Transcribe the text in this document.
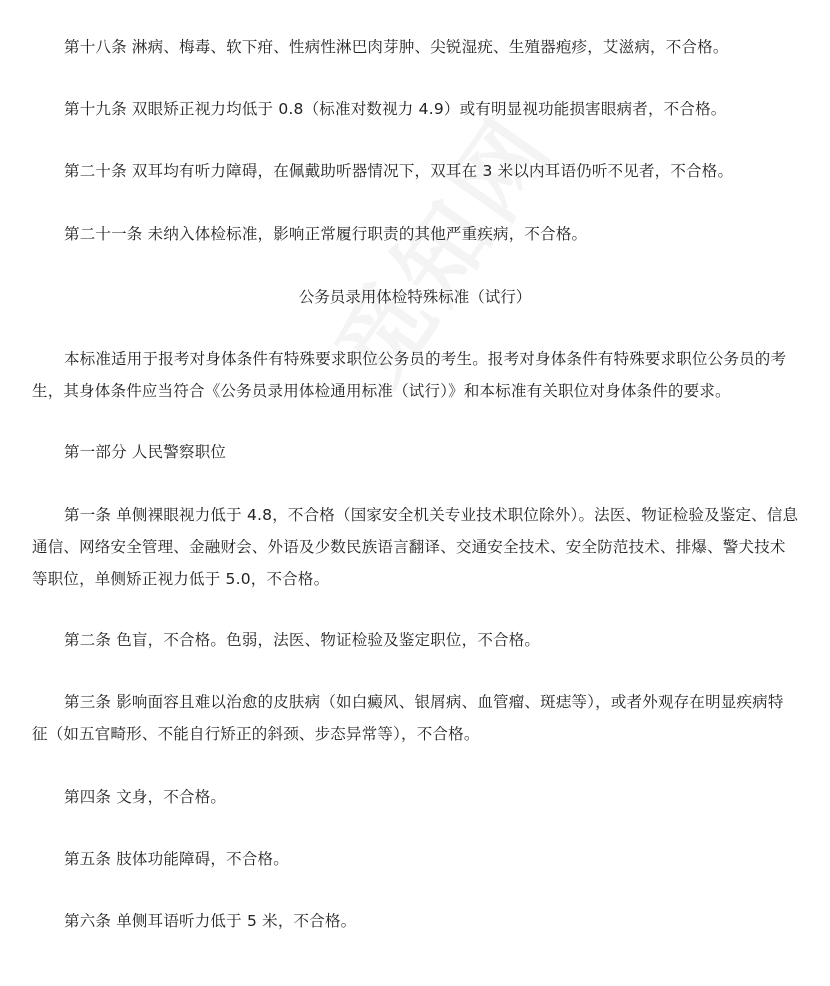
第十八条 淋病、梅毒、软下疳、性病性淋巴肉芽肿、尖锐湿疣、生殖器疱疹，艾滋病，不合格。
第十九条 双眼矫正视力均低于 0.8（标准对数视力 4.9）或有明显视功能损害眼病者，不合格。
第二十条 双耳均有听力障碍，在佩戴助听器情况下，双耳在 3 米以内耳语仍听不见者，不合格。
第二十一条 未纳入体检标准，影响正常履行职责的其他严重疾病，不合格。
公务员录用体检特殊标准（试行）
本标准适用于报考对身体条件有特殊要求职位公务员的考生。报考对身体条件有特殊要求职位公务员的考
生，其身体条件应当符合《公务员录用体检通用标准（试行）》和本标准有关职位对身体条件的要求。
第一部分 人民警察职位
第一条 单侧裸眼视力低于 4.8，不合格（国家安全机关专业技术职位除外）。法医、物证检验及鉴定、信息
通信、网络安全管理、金融财会、外语及少数民族语言翻译、交通安全技术、安全防范技术、排爆、警犬技术
等职位，单侧矫正视力低于 5.0，不合格。
第二条 色盲，不合格。色弱，法医、物证检验及鉴定职位，不合格。
第三条 影响面容且难以治愈的皮肤病（如白癜风、银屑病、血管瘤、斑痣等），或者外观存在明显疾病特
征（如五官畸形、不能自行矫正的斜颈、步态异常等），不合格。
第四条 文身，不合格。
第五条 肢体功能障碍，不合格。
第六条 单侧耳语听力低于 5 米，不合格。
